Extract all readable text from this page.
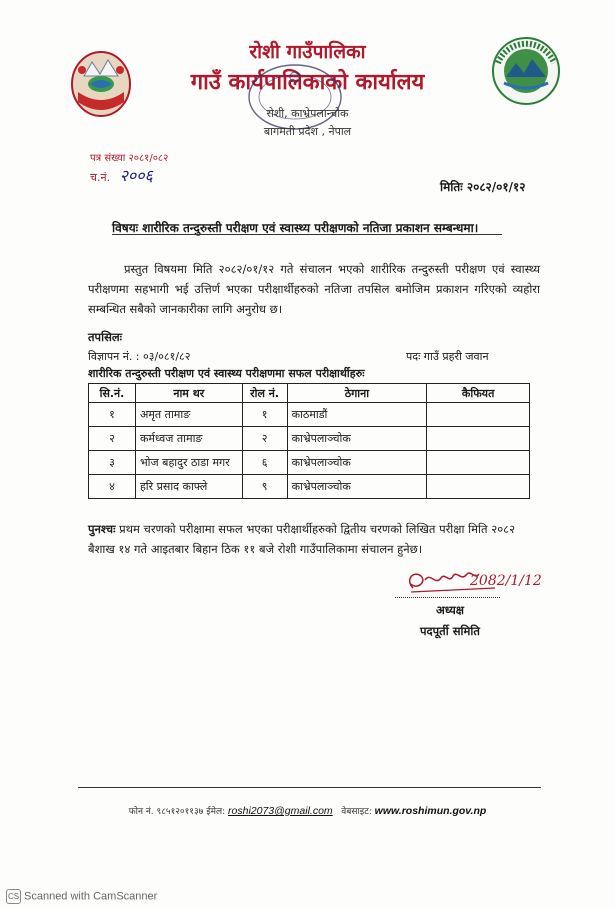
रोशी गाउँपालिका
गाउँ कार्यपालिकाको कार्यालय
रोशी, काभ्रेपलान्चोक
बागमती प्रदेश , नेपाल
पत्र संख्या २०८१/०८२
च.नं. २००६
मितिः २०८२/०१/१२
विषयः शारीरिक तन्दुरुस्ती परीक्षण एवं स्वास्थ्य परीक्षणको नतिजा प्रकाशन सम्बन्धमा।
प्रस्तुत विषयमा मिति २०८२/०१/१२ गते संचालन भएको शारीरिक तन्दुरुस्ती परीक्षण एवं स्वास्थ्य परीक्षणमा सहभागी भई उत्तिर्ण भएका परीक्षार्थीहरुको नतिजा तपसिल बमोजिम प्रकाशन गरिएको व्यहोरा सम्बन्धित सबैको जानकारीका लागि अनुरोध छ।
तपसिलः
विज्ञापन नं. : ०३/०८१/८२	पदः गाउँ प्रहरी जवान
शारीरिक तन्दुरुस्ती परीक्षण एवं स्वास्थ्य परीक्षणमा सफल परीक्षार्थीहरुः
सि.नं.	नाम थर	रोल नं.	ठेगाना	कैफियत
१	अमृत तामाङ	१	काठमाडौं	
२	कर्मध्वज तामाङ	२	काभ्रेपलाञ्चोक	
३	भोज बहादुर ठाडा मगर	६	काभ्रेपलाञ्चोक	
४	हरि प्रसाद काफ्ले	९	काभ्रेपलाञ्चोक	
पुनश्चः प्रथम चरणको परीक्षामा सफल भएका परीक्षार्थीहरुको द्वितीय चरणको लिखित परीक्षा मिति २०८२ बैशाख १४ गते आइतबार बिहान ठिक ११ बजे रोशी गाउँपालिकामा संचालन हुनेछ।
2082/1/12
अध्यक्ष
पदपूर्ती समिति
फोन नं. ९८५१२०११३७ ईमेल: roshi2073@gmail.com वेबसाइट: www.roshimun.gov.np
CS Scanned with CamScanner
